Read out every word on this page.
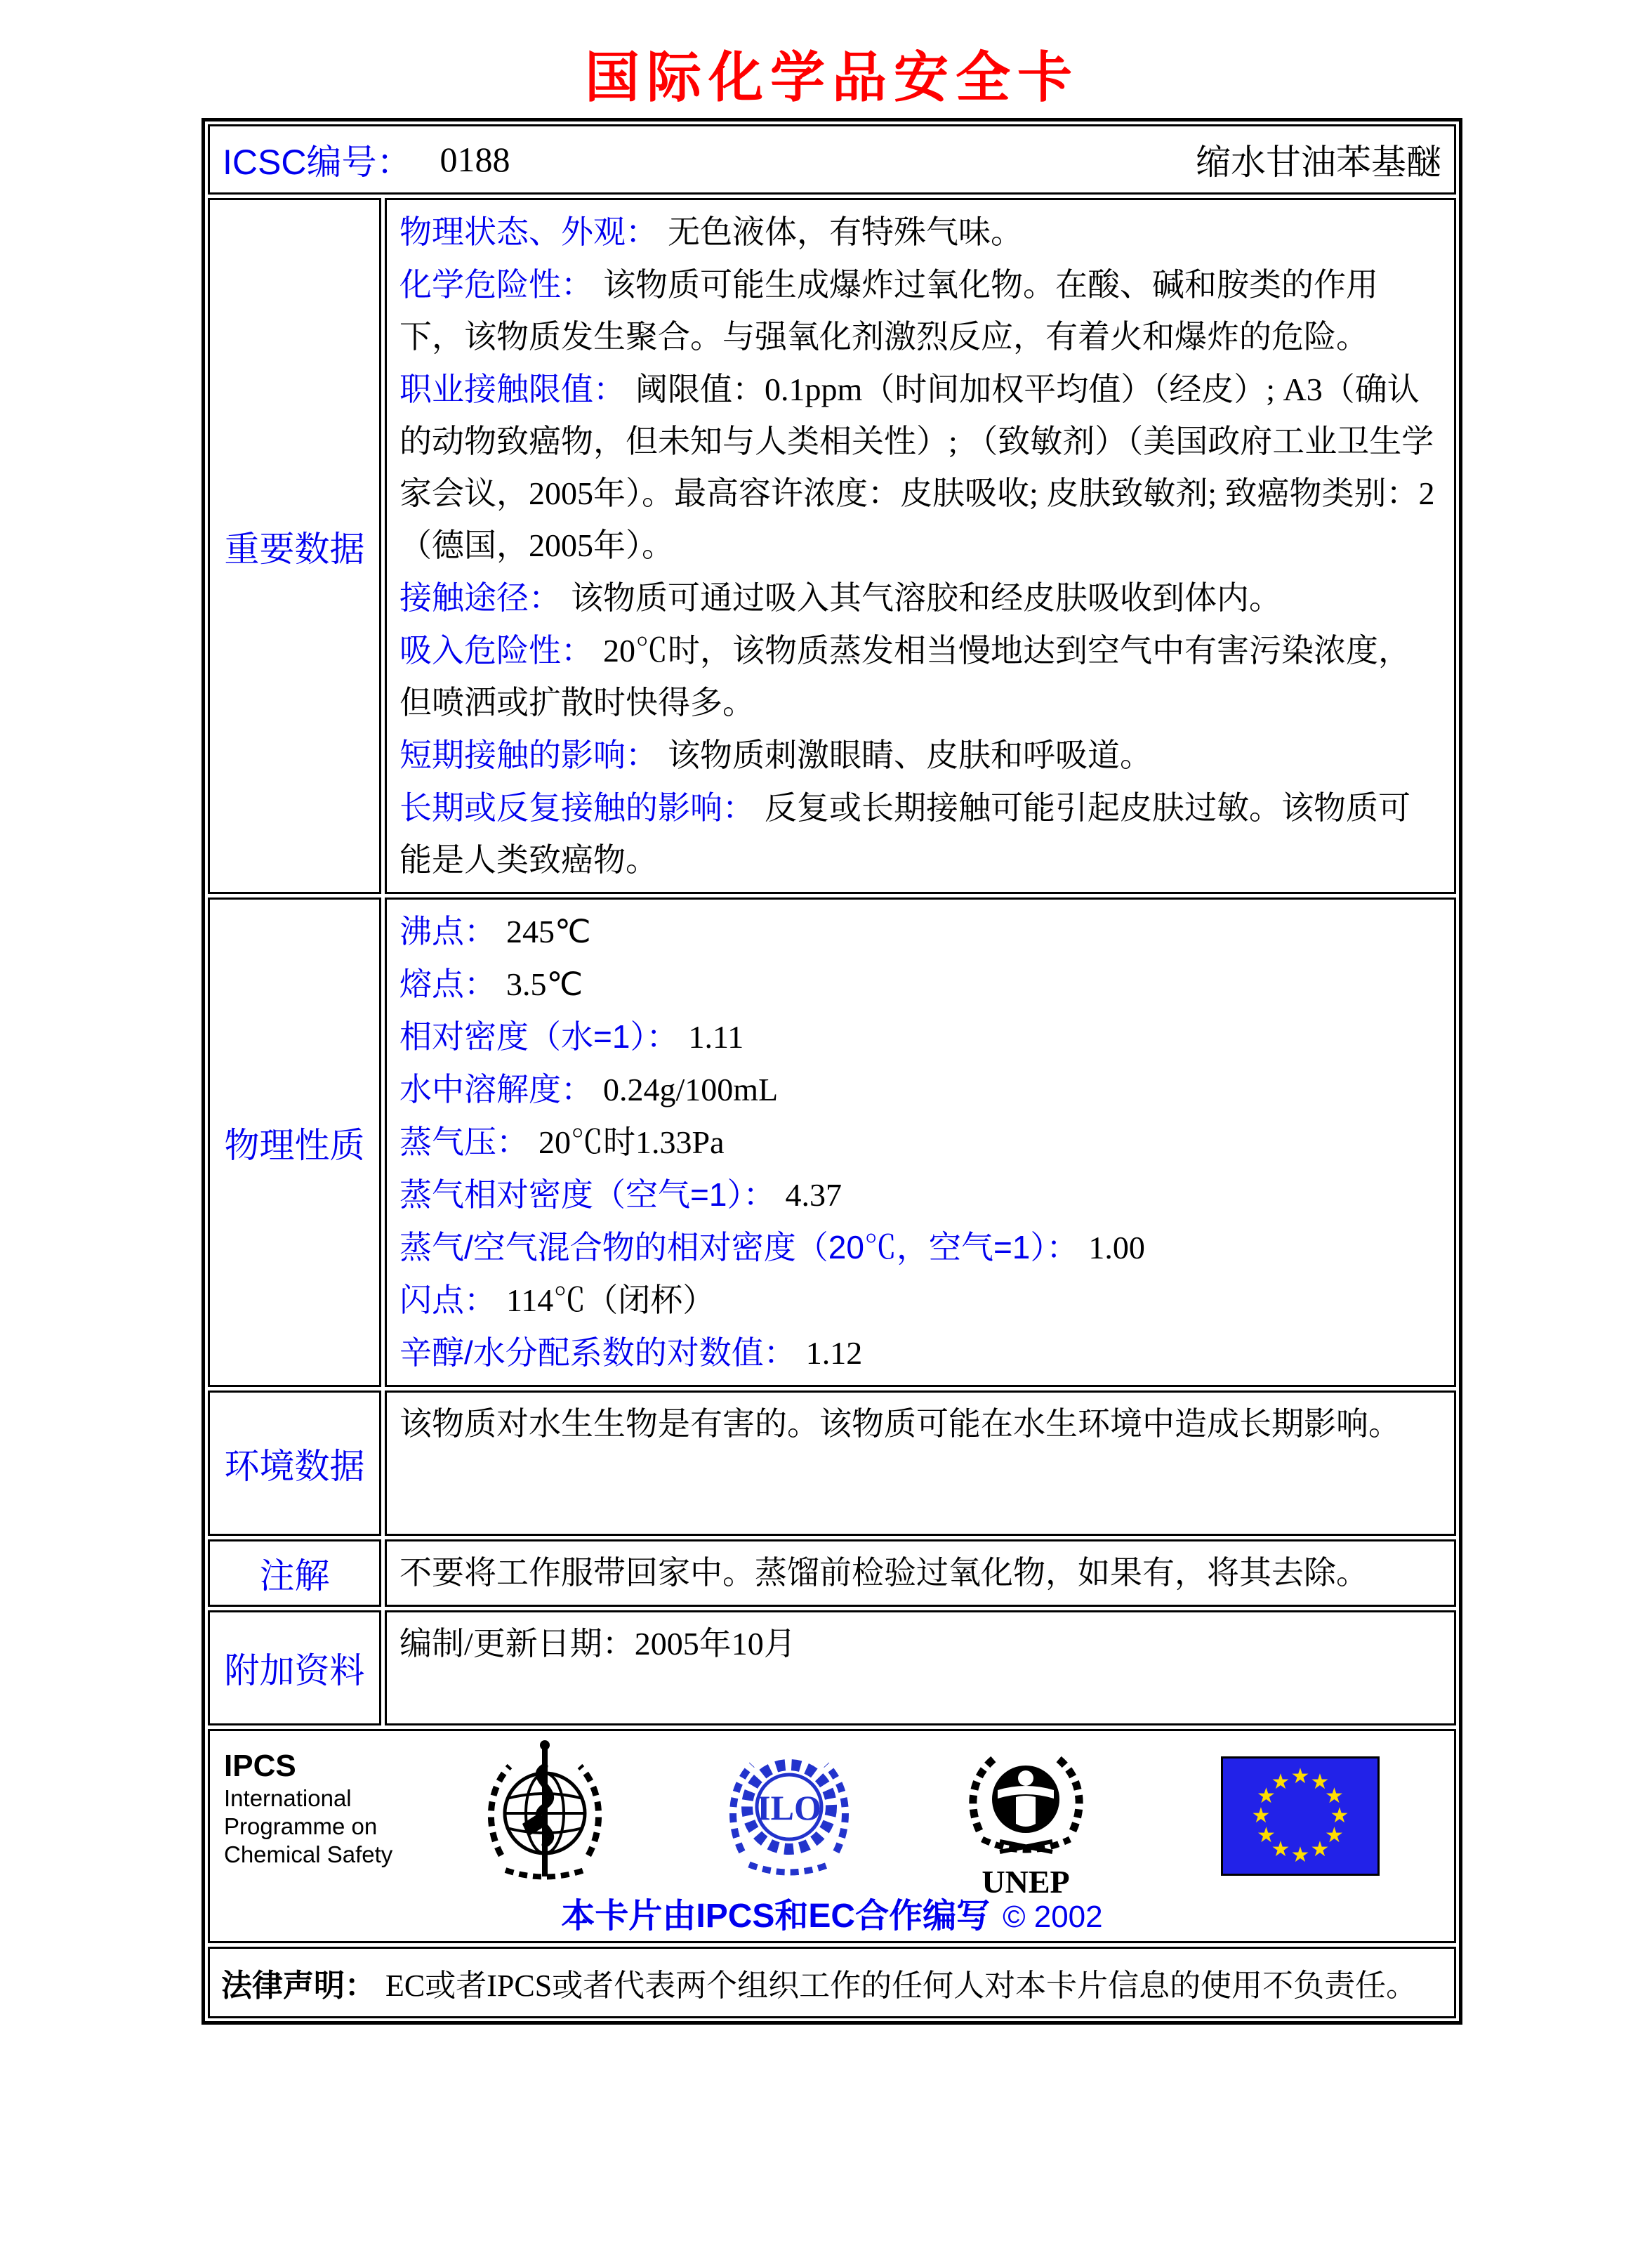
国际化学品安全卡
ICSC编号： 0188	缩水甘油苯基醚
重要数据

物理状态、外观： 无色液体，有特殊气味。

化学危险性： 该物质可能生成爆炸过氧化物。在酸、碱和胺类的作用下，该物质发生聚合。与强氧化剂激烈反应，有着火和爆炸的危险。

职业接触限值： 阈限值：0.1ppm（时间加权平均值）（经皮）; A3（确认的动物致癌物，但未知与人类相关性）; （致敏剂）（美国政府工业卫生学家会议，2005年）。最高容许浓度：皮肤吸收; 皮肤致敏剂; 致癌物类别：2（德国，2005年）。

接触途径： 该物质可通过吸入其气溶胶和经皮肤吸收到体内。

吸入危险性： 20℃时，该物质蒸发相当慢地达到空气中有害污染浓度，但喷洒或扩散时快得多。

短期接触的影响： 该物质刺激眼睛、皮肤和呼吸道。

长期或反复接触的影响： 反复或长期接触可能引起皮肤过敏。该物质可能是人类致癌物。

物理性质

沸点： 245℃

熔点： 3.5℃

相对密度（水=1）： 1.11

水中溶解度： 0.24g/100mL

蒸气压： 20℃时1.33Pa

蒸气相对密度（空气=1）： 4.37

蒸气/空气混合物的相对密度（20℃，空气=1）： 1.00

闪点： 114℃（闭杯）

辛醇/水分配系数的对数值： 1.12

环境数据
该物质对水生生物是有害的。该物质可能在水生环境中造成长期影响。
注解	不要将工作服带回家中。蒸馏前检验过氧化物，如果有，将其去除。
附加资料
编制/更新日期：2005年10月
IPCS
International
Programme on
Chemical Safety
ILO
UNEP
★ ★
★
★
★
★
★
★
★
★
★
★
本卡片由IPCS和EC合作编写 © 2002
法律声明： EC或者IPCS或者代表两个组织工作的任何人对本卡片信息的使用不负责任。
